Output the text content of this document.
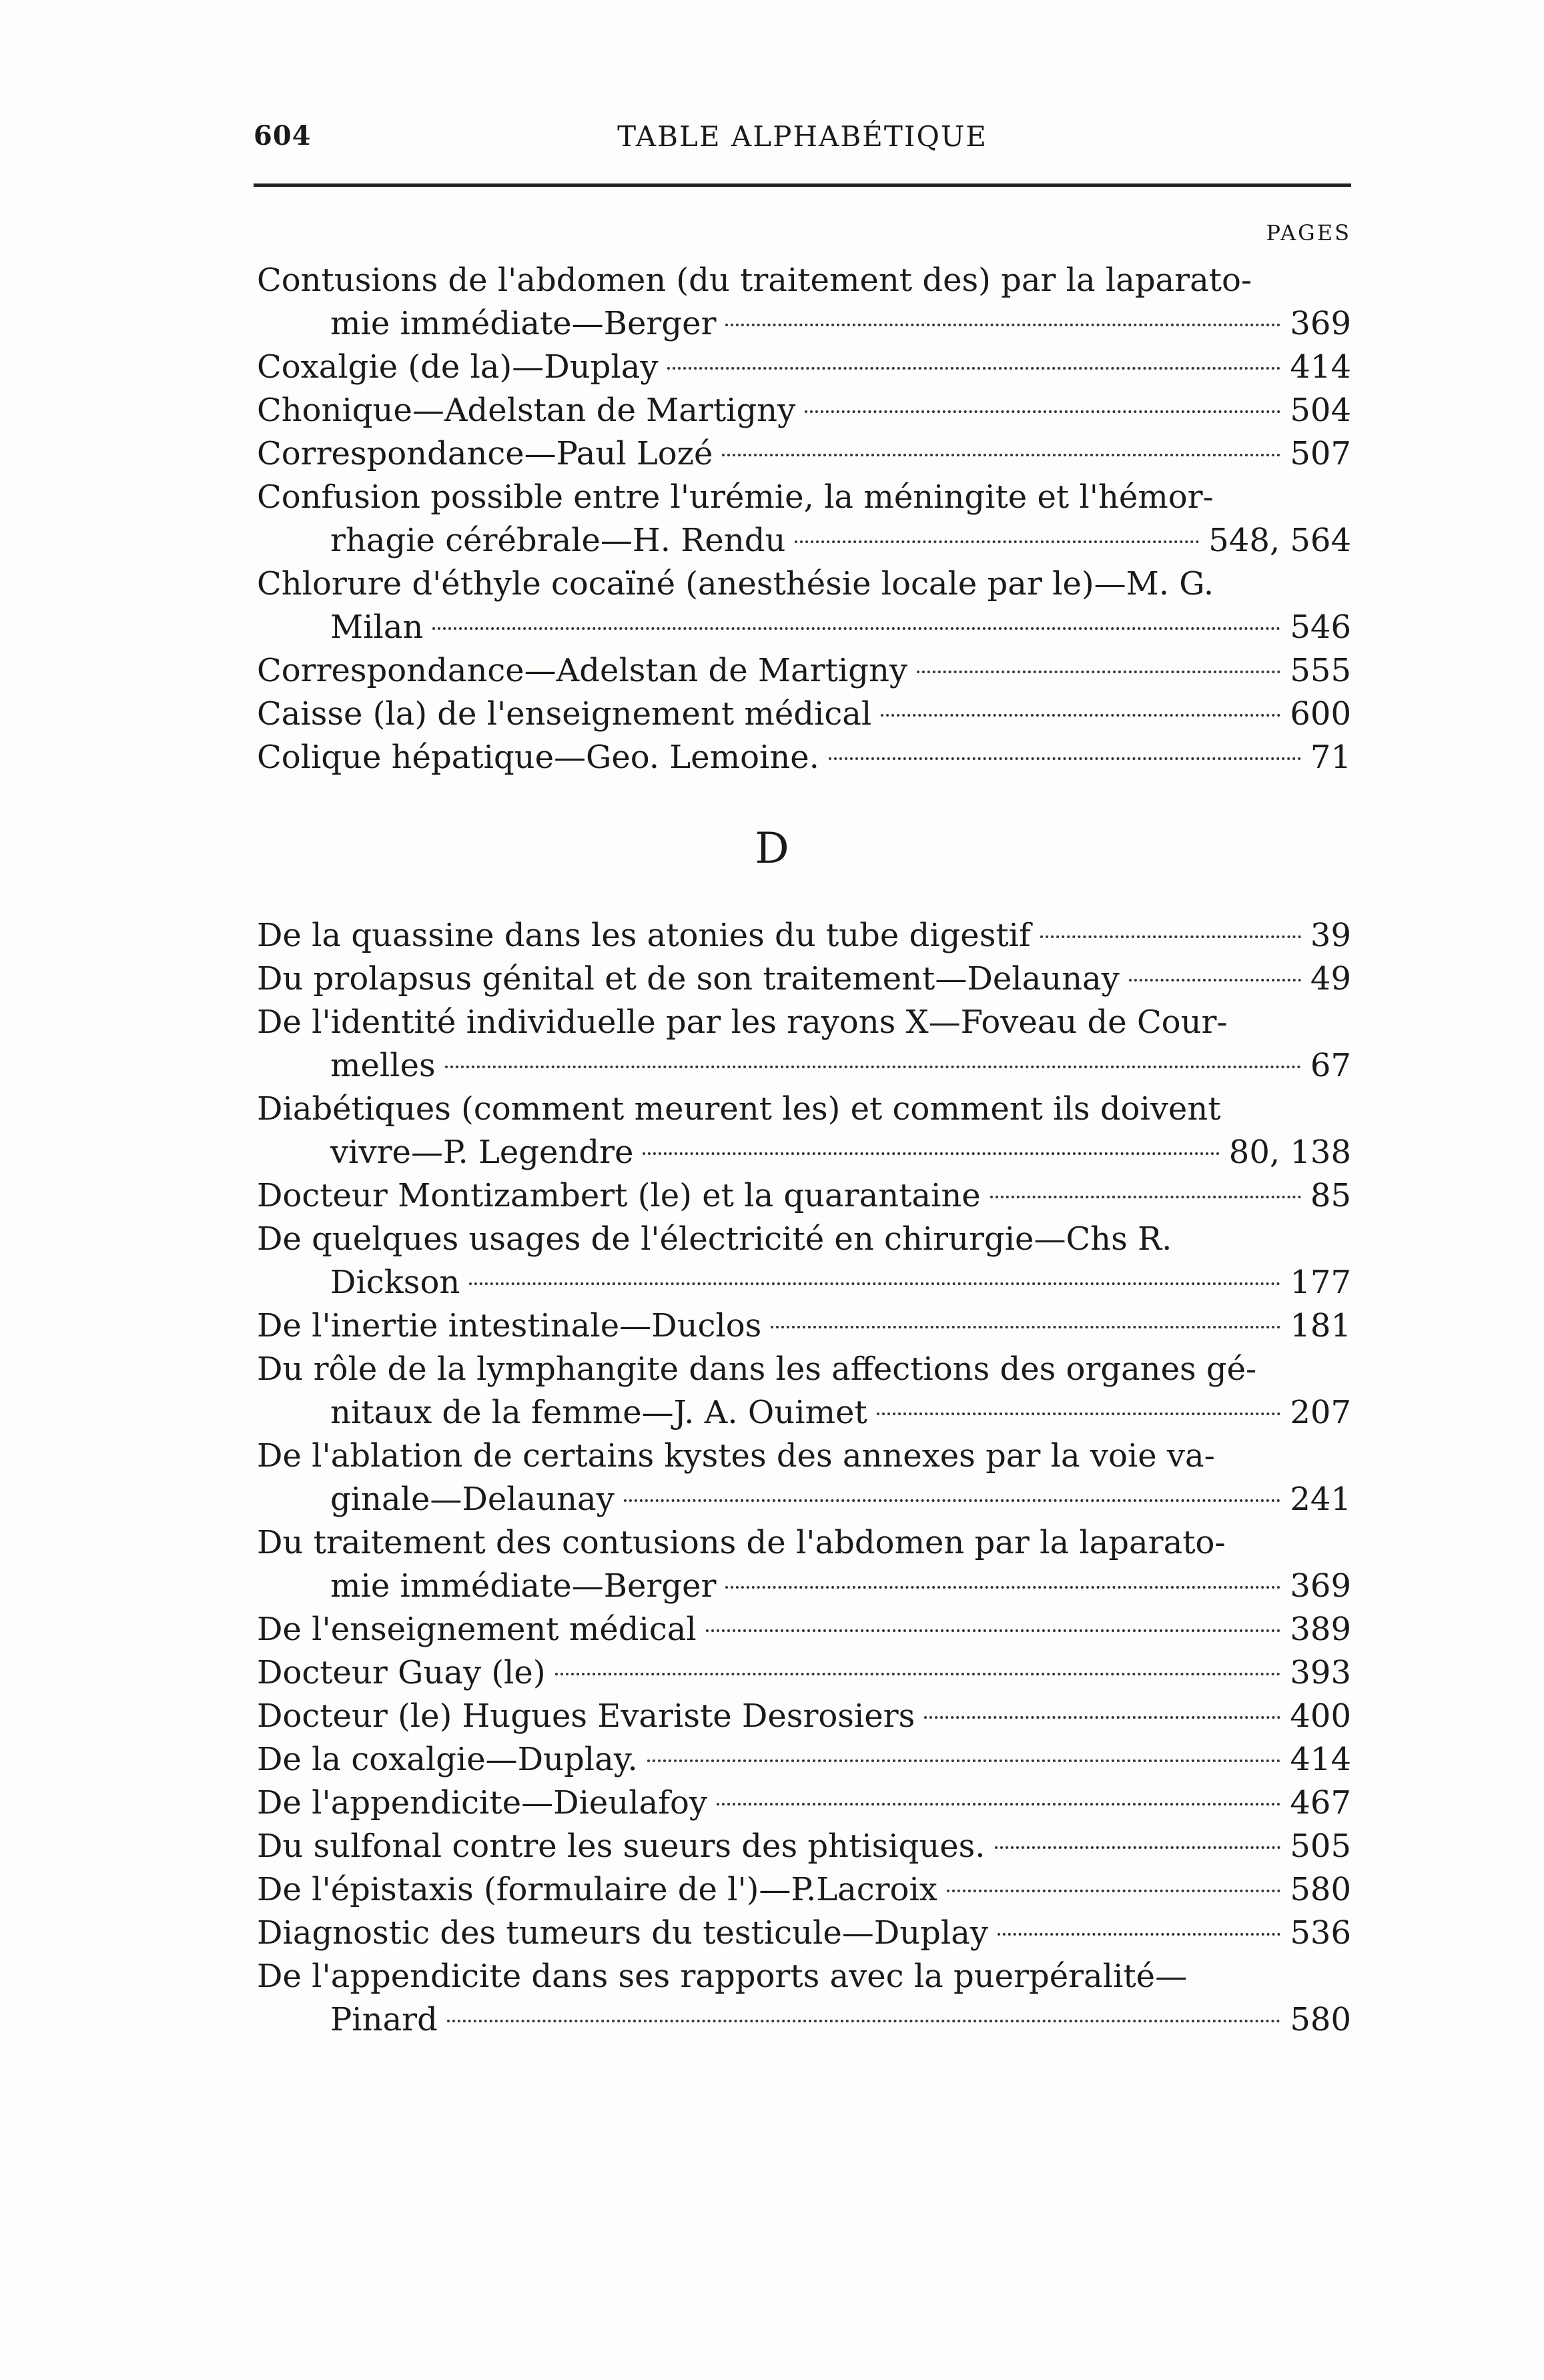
604	TABLE ALPHABÉTIQUE
PAGES
Contusions de l'abdomen (du traitement des) par la laparato-
mie immédiate—Berger	369
Coxalgie (de la)—Duplay	414
Chonique—Adelstan de Martigny	504
Correspondance—Paul Lozé	507
Confusion possible entre l'urémie, la méningite et l'hémor-
rhagie cérébrale—H. Rendu	548, 564
Chlorure d'éthyle cocaïné (anesthésie locale par le)—M. G.
Milan	546
Correspondance—Adelstan de Martigny	555
Caisse (la) de l'enseignement médical	600
Colique hépatique—Geo. Lemoine.	71
D
De la quassine dans les atonies du tube digestif	39
Du prolapsus génital et de son traitement—Delaunay	49
De l'identité individuelle par les rayons X—Foveau de Cour-
melles	67
Diabétiques (comment meurent les) et comment ils doivent
vivre—P. Legendre	80, 138
Docteur Montizambert (le) et la quarantaine	85
De quelques usages de l'électricité en chirurgie—Chs R.
Dickson	177
De l'inertie intestinale—Duclos	181
Du rôle de la lymphangite dans les affections des organes gé-
nitaux de la femme—J. A. Ouimet	207
De l'ablation de certains kystes des annexes par la voie va-
ginale—Delaunay	241
Du traitement des contusions de l'abdomen par la laparato-
mie immédiate—Berger	369
De l'enseignement médical	389
Docteur Guay (le)	393
Docteur (le) Hugues Evariste Desrosiers	400
De la coxalgie—Duplay.	414
De l'appendicite—Dieulafoy	467
Du sulfonal contre les sueurs des phtisiques.	505
De l'épistaxis (formulaire de l')—P.Lacroix	580
Diagnostic des tumeurs du testicule—Duplay	536
De l'appendicite dans ses rapports avec la puerpéralité—
Pinard	580
